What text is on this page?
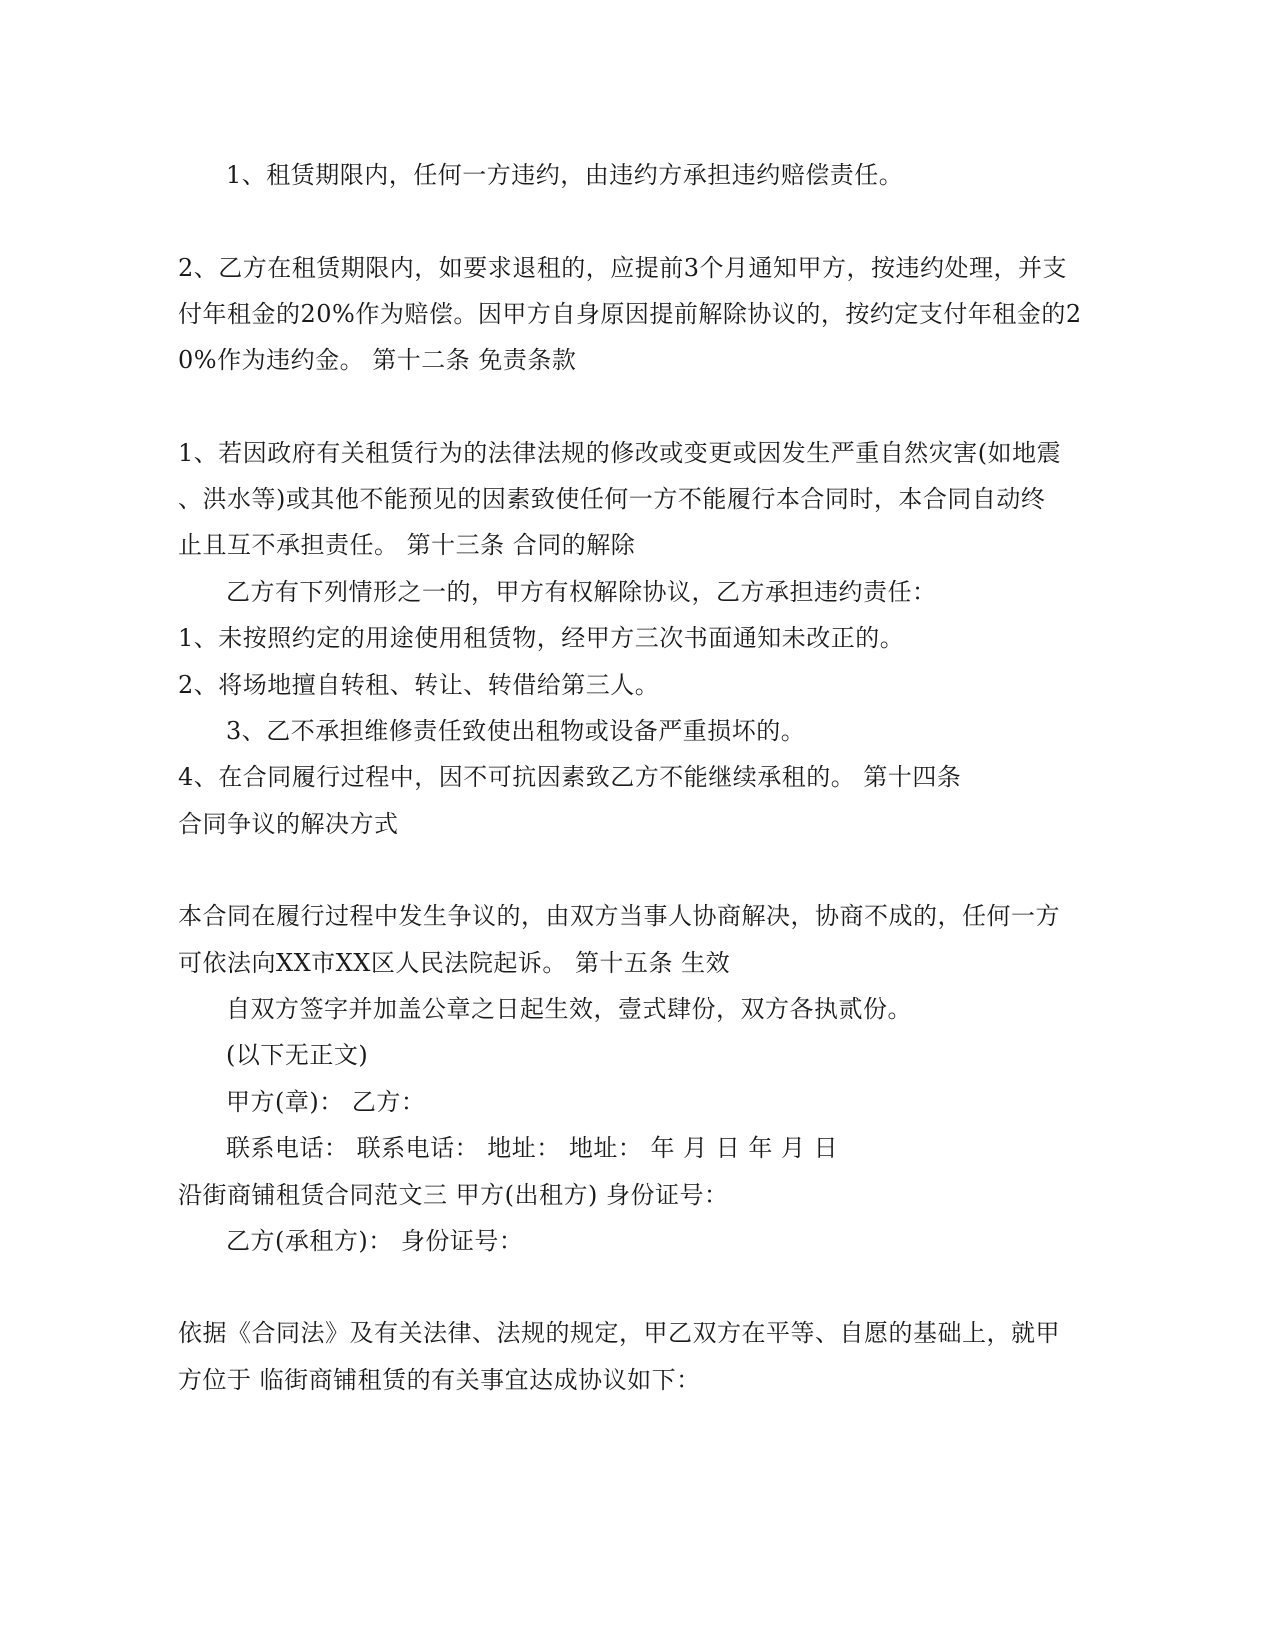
1、租赁期限内，任何一方违约，由违约方承担违约赔偿责任。

2、乙方在租赁期限内，如要求退租的，应提前3个月通知甲方，按违约处理，并支

付年租金的20%作为赔偿。因甲方自身原因提前解除协议的，按约定支付年租金的2

0%作为违约金。 第十二条 免责条款

1、若因政府有关租赁行为的法律法规的修改或变更或因发生严重自然灾害(如地震

、洪水等)或其他不能预见的因素致使任何一方不能履行本合同时，本合同自动终

止且互不承担责任。 第十三条 合同的解除

乙方有下列情形之一的，甲方有权解除协议，乙方承担违约责任：

1、未按照约定的用途使用租赁物，经甲方三次书面通知未改正的。

2、将场地擅自转租、转让、转借给第三人。

3、乙不承担维修责任致使出租物或设备严重损坏的。

4、在合同履行过程中，因不可抗因素致乙方不能继续承租的。 第十四条

合同争议的解决方式

本合同在履行过程中发生争议的，由双方当事人协商解决，协商不成的，任何一方

可依法向XX市XX区人民法院起诉。 第十五条 生效

自双方签字并加盖公章之日起生效，壹式肆份，双方各执贰份。

(以下无正文)

甲方(章)： 乙方：

联系电话： 联系电话： 地址： 地址： 年 月 日 年 月 日

沿街商铺租赁合同范文三 甲方(出租方) 身份证号：

乙方(承租方)： 身份证号：

依据《合同法》及有关法律、法规的规定，甲乙双方在平等、自愿的基础上，就甲

方位于 临街商铺租赁的有关事宜达成协议如下：
